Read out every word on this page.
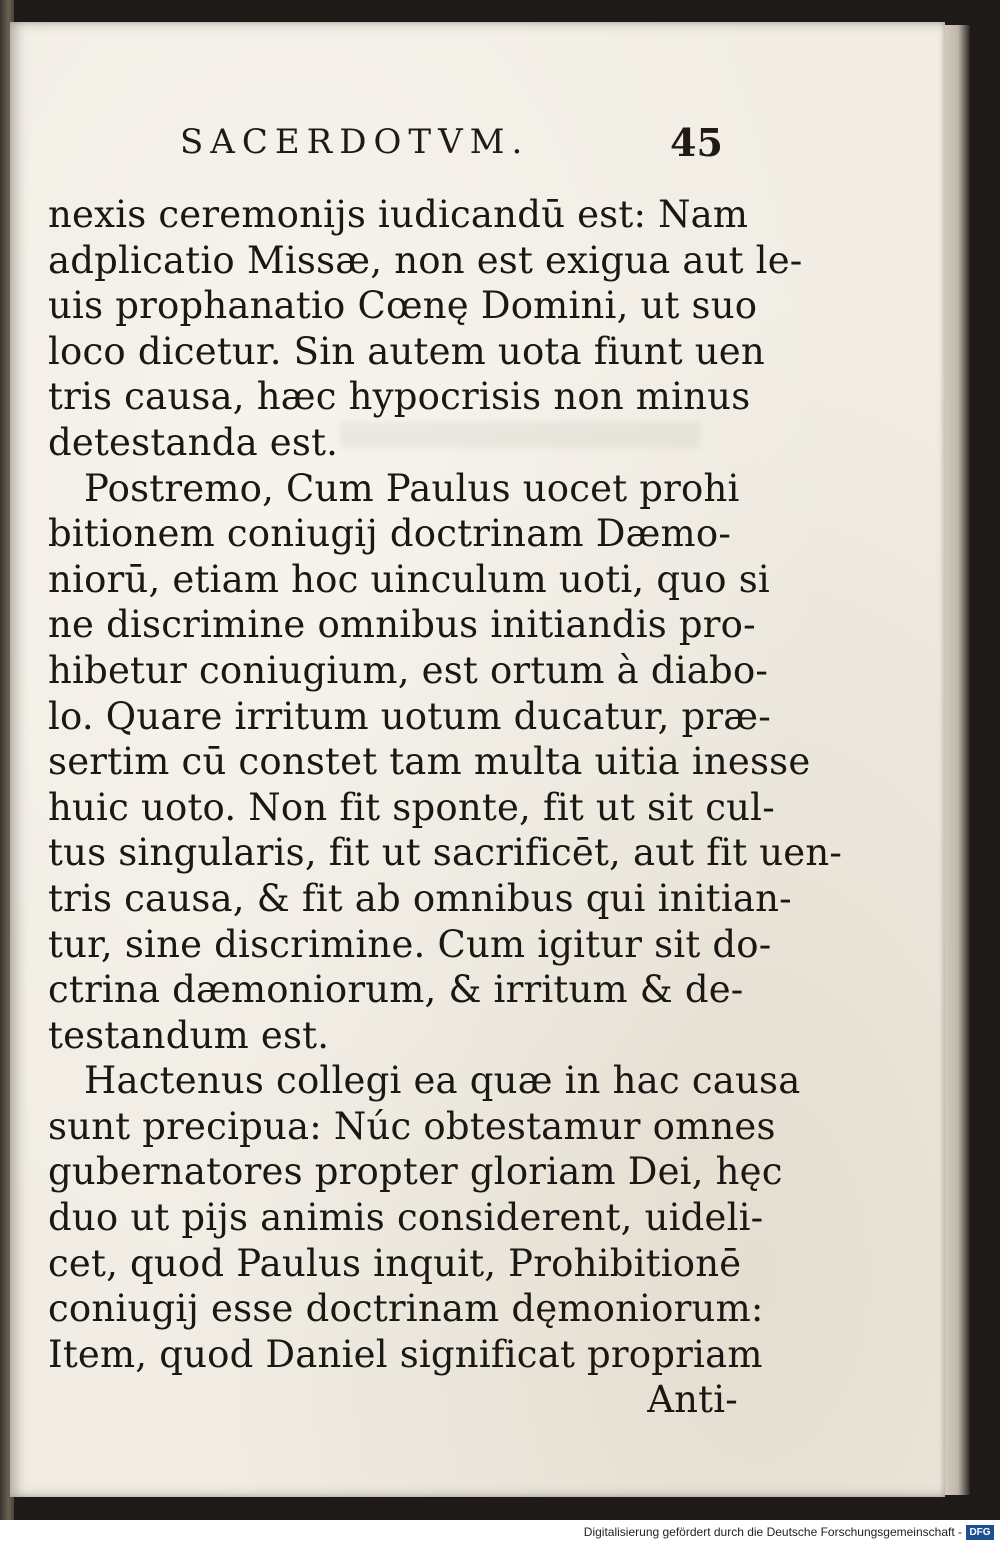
SACERDOTVM.	45
nexis ceremonijs iudicandū est: Nam
adplicatio Missæ, non est exigua aut le-
uis prophanatio Cœnę Domini, ut suo
loco dicetur. Sin autem uota fiunt uen
tris causa, hæc hypocrisis non minus
detestanda est.
Postremo, Cum Paulus uocet prohi
bitionem coniugij doctrinam Dæmo-
niorū, etiam hoc uinculum uoti, quo si
ne discrimine omnibus initiandis pro-
hibetur coniugium, est ortum à diabo-
lo. Quare irritum uotum ducatur, præ-
sertim cū constet tam multa uitia inesse
huic uoto. Non fit sponte, fit ut sit cul-
tus singularis, fit ut sacrificēt, aut fit uen-
tris causa, & fit ab omnibus qui initian-
tur, sine discrimine. Cum igitur sit do-
ctrina dæmoniorum, & irritum & de-
testandum est.
Hactenus collegi ea quæ in hac causa
sunt precipua: Núc obtestamur omnes
gubernatores propter gloriam Dei, hęc
duo ut pijs animis considerent, uideli-
cet, quod Paulus inquit, Prohibitionē
coniugij esse doctrinam dęmoniorum:
Item, quod Daniel significat propriam
Anti-
Digitalisierung gefördert durch die Deutsche Forschungsgemeinschaft - DFG
